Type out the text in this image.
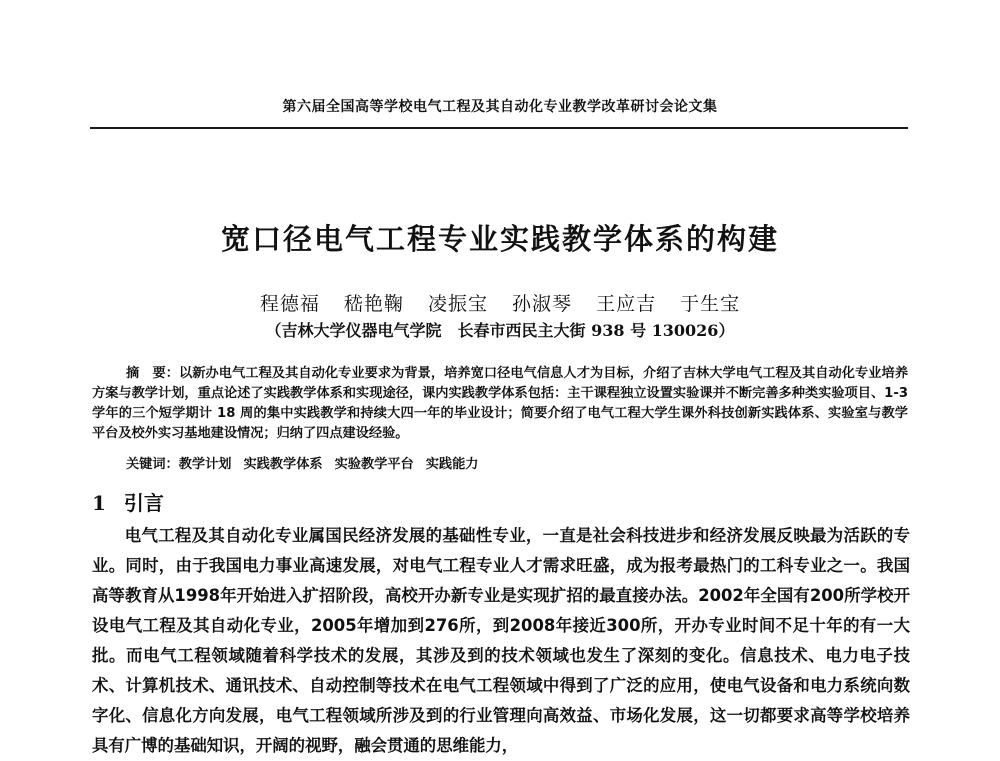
第六届全国高等学校电气工程及其自动化专业教学改革研讨会论文集
宽口径电气工程专业实践教学体系的构建
程德福 嵇艳鞠 凌振宝 孙淑琴 王应吉 于生宝
（吉林大学仪器电气学院　长春市西民主大街 938 号 130026）
摘　要：以新办电气工程及其自动化专业要求为背景，培养宽口径电气信息人才为目标，介绍了吉林大学电气工程及其自动化专业培养方案与教学计划，重点论述了实践教学体系和实现途径，课内实践教学体系包括：主干课程独立设置实验课并不断完善多种类实验项目、1-3 学年的三个短学期计 18 周的集中实践教学和持续大四一年的毕业设计；简要介绍了电气工程大学生课外科技创新实践体系、实验室与教学平台及校外实习基地建设情况；归纳了四点建设经验。
关键词：教学计划 实践教学体系 实验教学平台 实践能力
1 引言
电气工程及其自动化专业属国民经济发展的基础性专业，一直是社会科技进步和经济发展反映最为活跃的专业。同时，由于我国电力事业高速发展，对电气工程专业人才需求旺盛，成为报考最热门的工科专业之一。我国高等教育从1998年开始进入扩招阶段，高校开办新专业是实现扩招的最直接办法。2002年全国有200所学校开设电气工程及其自动化专业，2005年增加到276所，到2008年接近300所，开办专业时间不足十年的有一大批。而电气工程领域随着科学技术的发展，其涉及到的技术领域也发生了深刻的变化。信息技术、电力电子技术、计算机技术、通讯技术、自动控制等技术在电气工程领域中得到了广泛的应用，使电气设备和电力系统向数字化、信息化方向发展，电气工程领域所涉及到的行业管理向高效益、市场化发展，这一切都要求高等学校培养具有广博的基础知识，开阔的视野，融会贯通的思维能力，
